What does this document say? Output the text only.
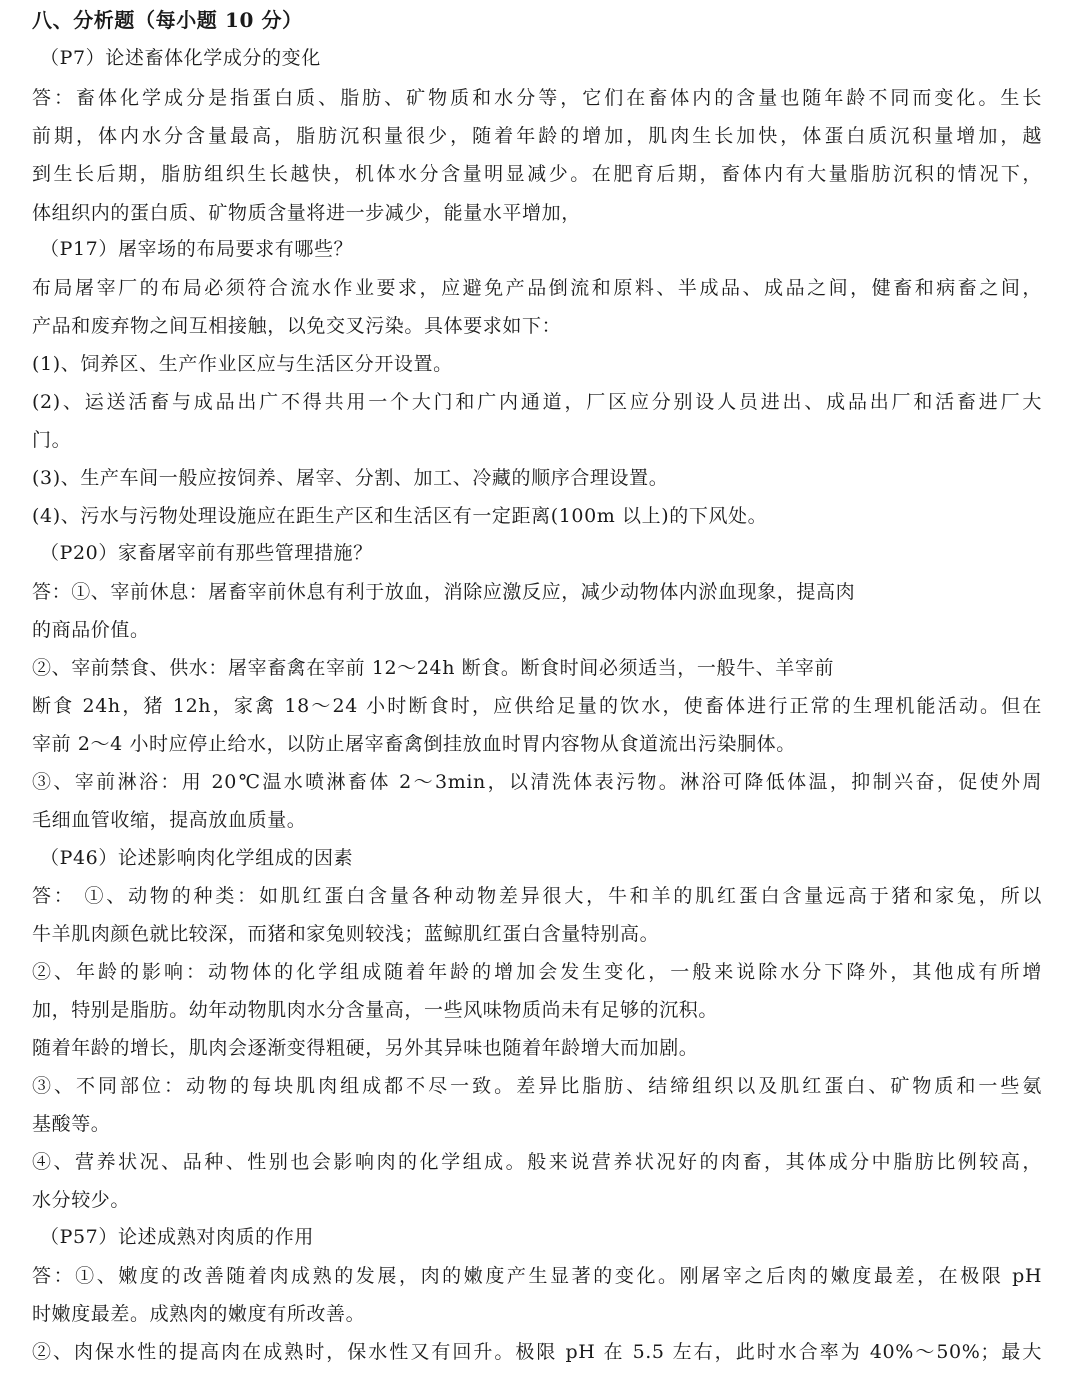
八、分析题（每小题 10 分）
（P7）论述畜体化学成分的变化
答：畜体化学成分是指蛋白质、脂肪、矿物质和水分等，它们在畜体内的含量也随年龄不同而变化。生长
前期，体内水分含量最高，脂肪沉积量很少，随着年龄的增加，肌肉生长加快，体蛋白质沉积量增加，越
到生长后期，脂肪组织生长越快，机体水分含量明显减少。在肥育后期，畜体内有大量脂肪沉积的情况下，
体组织内的蛋白质、矿物质含量将进一步减少，能量水平增加，
（P17）屠宰场的布局要求有哪些？
布局屠宰厂的布局必须符合流水作业要求，应避免产品倒流和原料、半成品、成品之间，健畜和病畜之间，
产品和废弃物之间互相接触，以免交叉污染。具体要求如下：
(1)、饲养区、生产作业区应与生活区分开设置。
(2)、运送活畜与成品出广不得共用一个大门和广内通道，厂区应分别设人员进出、成品出厂和活畜进厂大
门。
(3)、生产车间一般应按饲养、屠宰、分割、加工、冷藏的顺序合理设置。
(4)、污水与污物处理设施应在距生产区和生活区有一定距离(100m 以上)的下风处。
（P20）家畜屠宰前有那些管理措施？
答：①、宰前休息：屠畜宰前休息有利于放血，消除应激反应，减少动物体内淤血现象，提高肉
的商品价值。
②、宰前禁食、供水：屠宰畜禽在宰前 12～24h 断食。断食时间必须适当，一般牛、羊宰前
断食 24h，猪 12h，家禽 18～24 小时断食时，应供给足量的饮水，使畜体进行正常的生理机能活动。但在
宰前 2～4 小时应停止给水，以防止屠宰畜禽倒挂放血时胃内容物从食道流出污染胴体。
③、宰前淋浴：用 20℃温水喷淋畜体 2～3min，以清洗体表污物。淋浴可降低体温，抑制兴奋，促使外周
毛细血管收缩，提高放血质量。
（P46）论述影响肉化学组成的因素
答： ①、动物的种类：如肌红蛋白含量各种动物差异很大，牛和羊的肌红蛋白含量远高于猪和家兔，所以
牛羊肌肉颜色就比较深，而猪和家兔则较浅；蓝鲸肌红蛋白含量特别高。
②、年龄的影响：动物体的化学组成随着年龄的增加会发生变化，一般来说除水分下降外，其他成有所增
加，特别是脂肪。幼年动物肌肉水分含量高，一些风味物质尚未有足够的沉积。
随着年龄的增长，肌肉会逐渐变得粗硬，另外其异味也随着年龄增大而加剧。
③、不同部位：动物的每块肌肉组成都不尽一致。差异比脂肪、结缔组织以及肌红蛋白、矿物质和一些氨
基酸等。
④、营养状况、品种、性别也会影响肉的化学组成。般来说营养状况好的肉畜，其体成分中脂肪比例较高，
水分较少。
（P57）论述成熟对肉质的作用
答：①、嫩度的改善随着肉成熟的发展，肉的嫩度产生显著的变化。刚屠宰之后肉的嫩度最差，在极限 pH
时嫩度最差。成熟肉的嫩度有所改善。
②、肉保水性的提高肉在成熟时，保水性又有回升。极限 pH 在 5.5 左右，此时水合率为 40%～50%；最大
